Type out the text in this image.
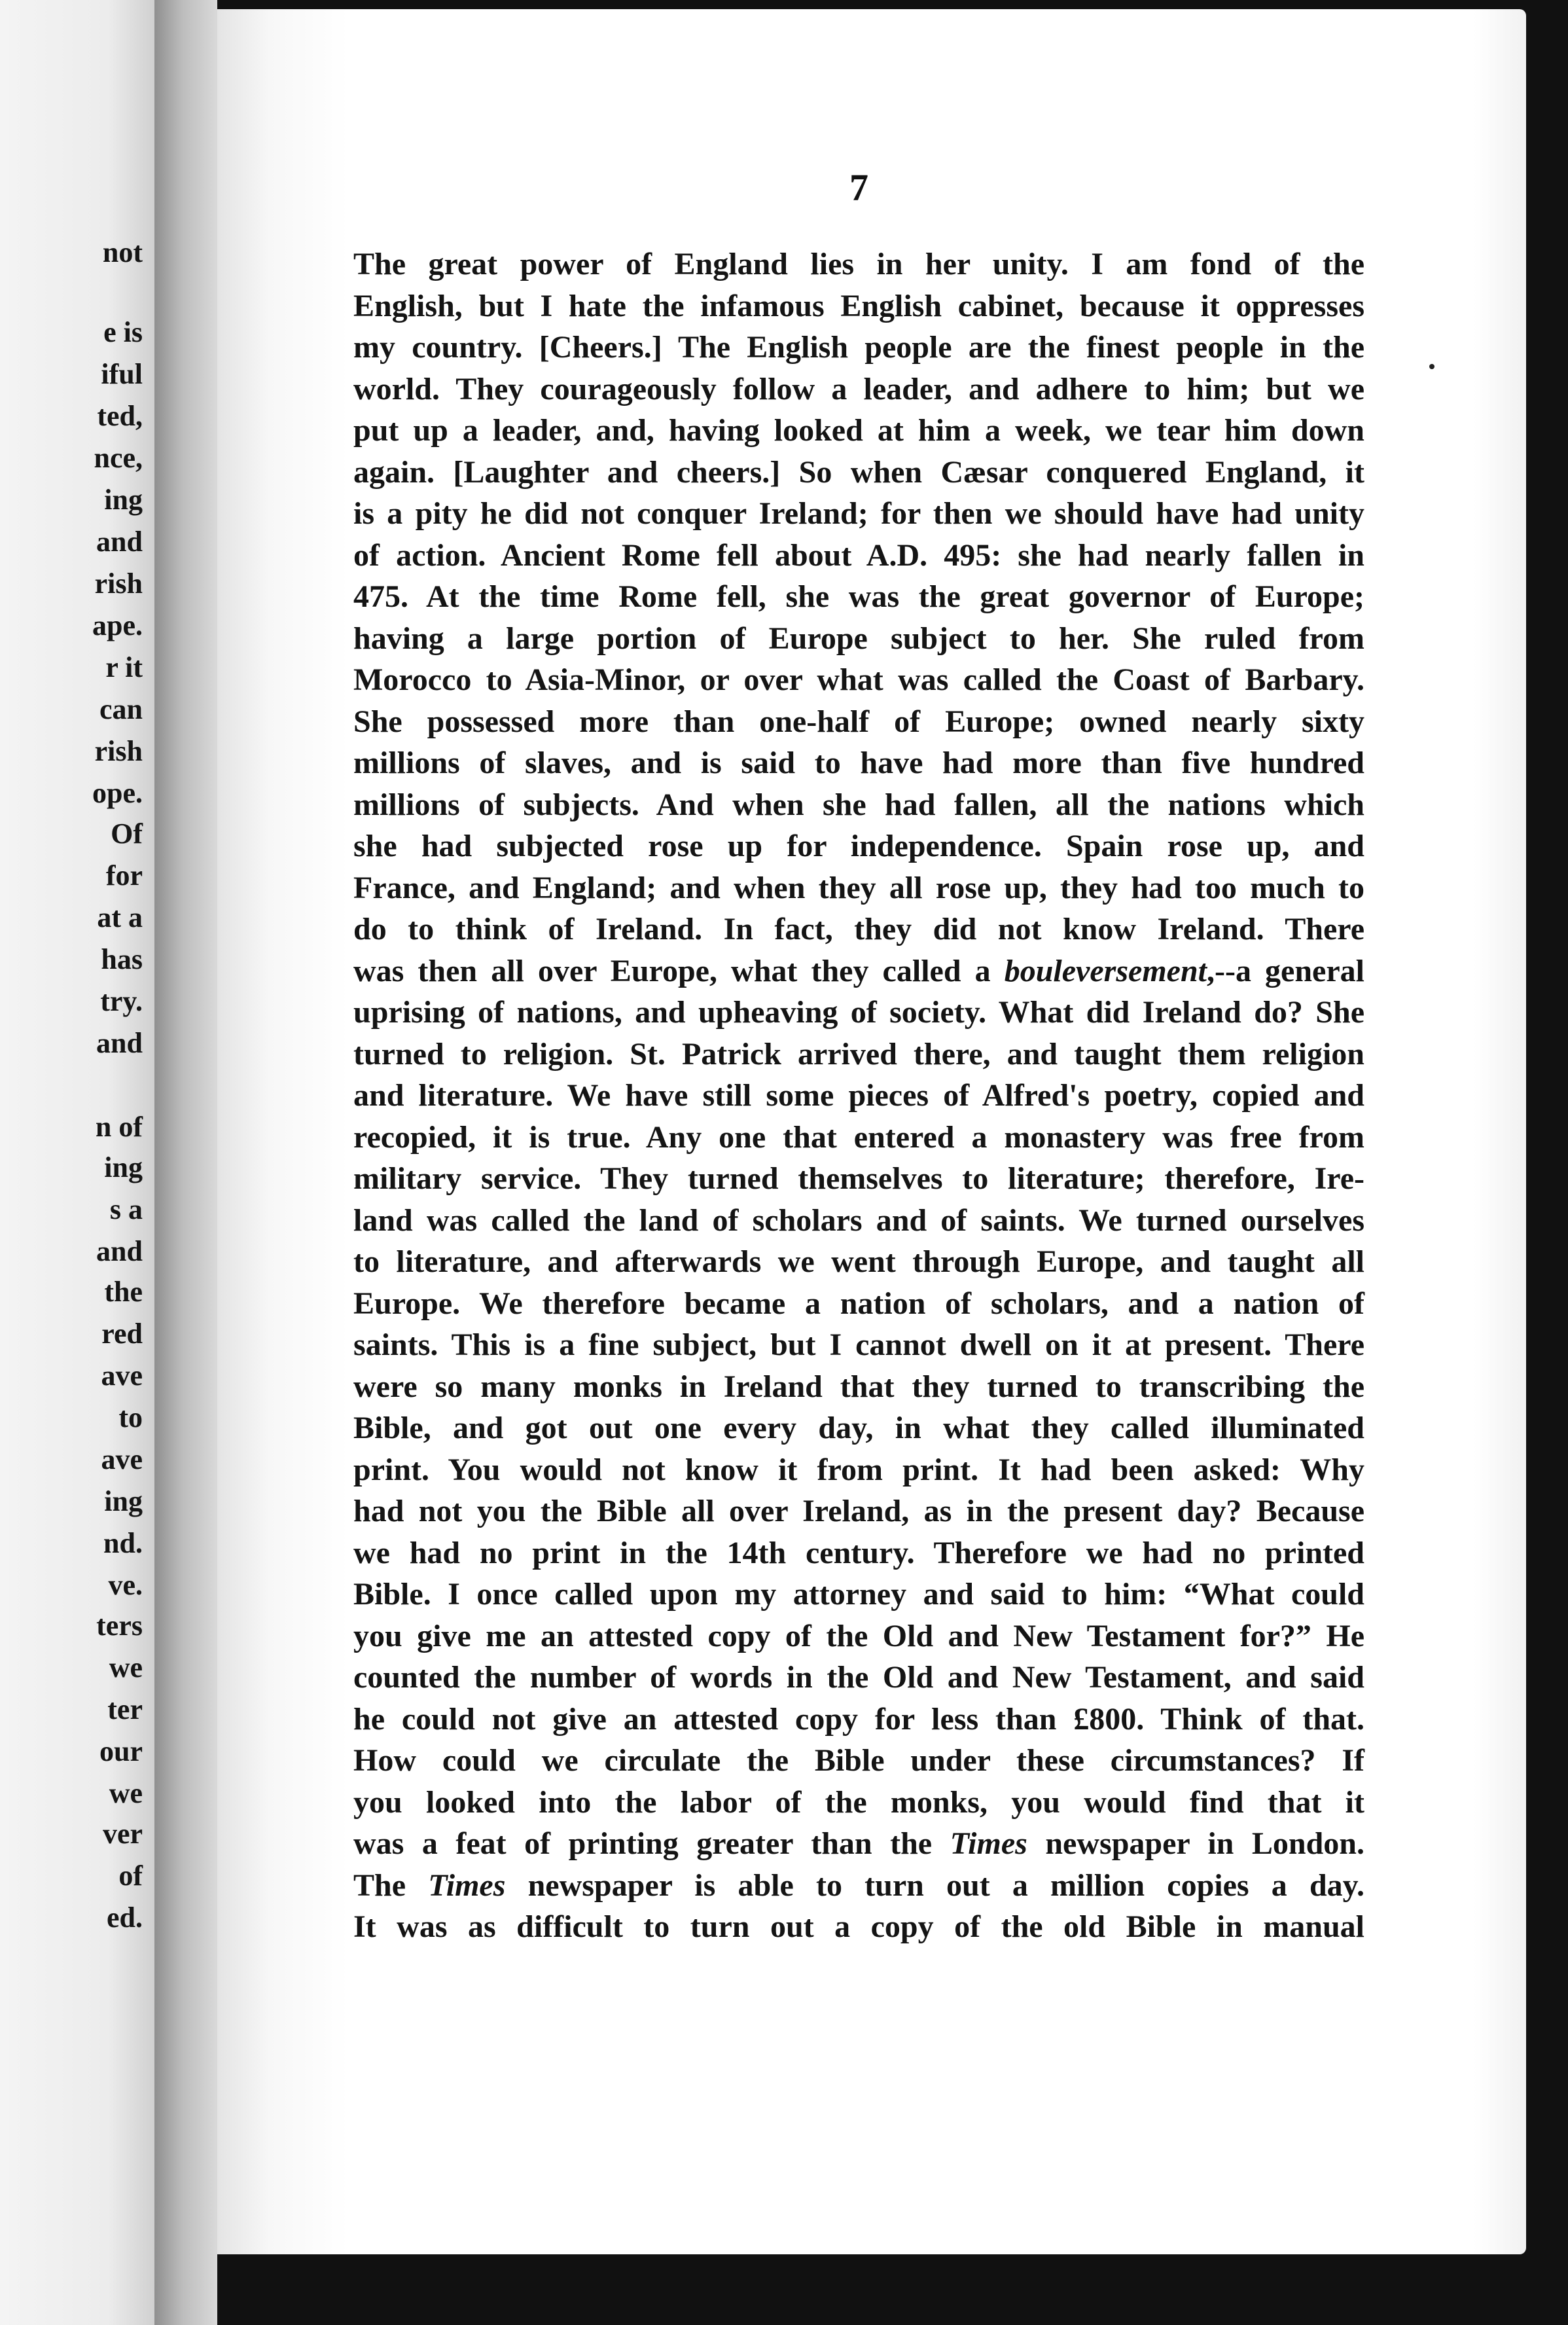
not
e is
iful
ted,
nce,
ing
and
rish
ape.
r it
can
rish
ope.
Of
for
at a
has
try.
and
n of
ing
s a
and
the
red
ave
to
ave
ing
nd.
ve.
ters
we
ter
our
we
ver
of
ed.
7
The great power of England lies in her unity. I am fond of the
English, but I hate the infamous English cabinet, because it oppresses
my country. [Cheers.] The English people are the finest people in the
world. They courageously follow a leader, and adhere to him; but we
put up a leader, and, having looked at him a week, we tear him down
again. [Laughter and cheers.] So when Cæsar conquered England, it
is a pity he did not conquer Ireland; for then we should have had unity
of action. Ancient Rome fell about A.D. 495: she had nearly fallen in
475. At the time Rome fell, she was the great governor of Europe;
having a large portion of Europe subject to her. She ruled from
Morocco to Asia-Minor, or over what was called the Coast of Barbary.
She possessed more than one-half of Europe; owned nearly sixty
millions of slaves, and is said to have had more than five hundred
millions of subjects. And when she had fallen, all the nations which
she had subjected rose up for independence. Spain rose up, and
France, and England; and when they all rose up, they had too much to
do to think of Ireland. In fact, they did not know Ireland. There
was then all over Europe, what they called a bouleversement,--a general
uprising of nations, and upheaving of society. What did Ireland do? She
turned to religion. St. Patrick arrived there, and taught them religion
and literature. We have still some pieces of Alfred's poetry, copied and
recopied, it is true. Any one that entered a monastery was free from
military service. They turned themselves to literature; therefore, Ire-
land was called the land of scholars and of saints. We turned ourselves
to literature, and afterwards we went through Europe, and taught all
Europe. We therefore became a nation of scholars, and a nation of
saints. This is a fine subject, but I cannot dwell on it at present. There
were so many monks in Ireland that they turned to transcribing the
Bible, and got out one every day, in what they called illuminated
print. You would not know it from print. It had been asked: Why
had not you the Bible all over Ireland, as in the present day? Because
we had no print in the 14th century. Therefore we had no printed
Bible. I once called upon my attorney and said to him: “What could
you give me an attested copy of the Old and New Testament for?” He
counted the number of words in the Old and New Testament, and said
he could not give an attested copy for less than £800. Think of that.
How could we circulate the Bible under these circumstances? If
you looked into the labor of the monks, you would find that it
was a feat of printing greater than the Times newspaper in London.
The Times newspaper is able to turn out a million copies a day.
It was as difficult to turn out a copy of the old Bible in manual
